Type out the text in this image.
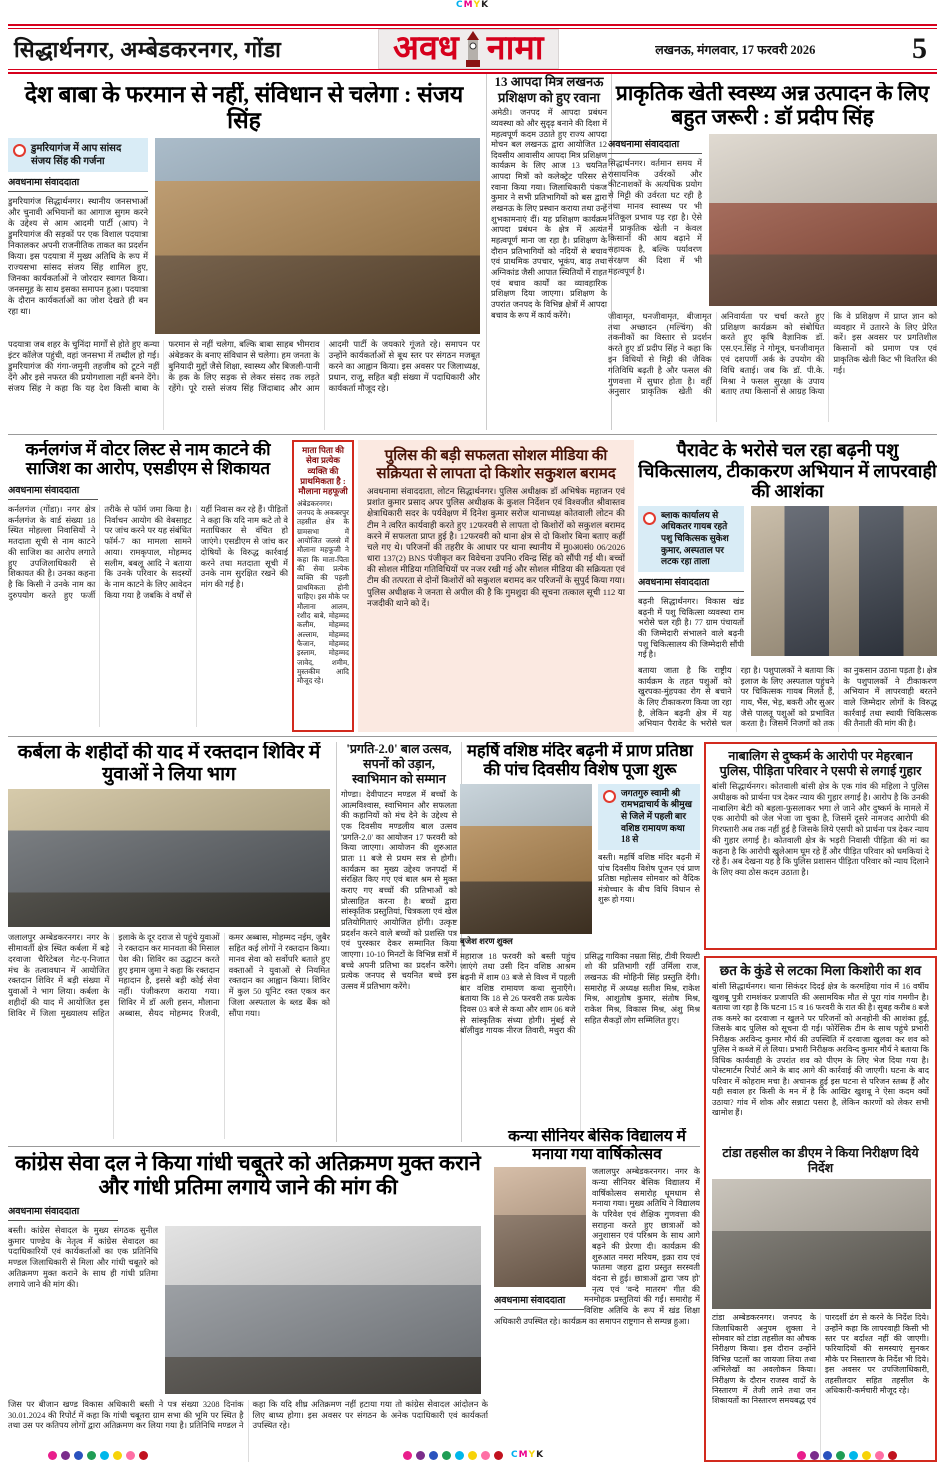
CMYK
सिद्धार्थनगर, अम्बेडकरनगर, गोंडा	अवध नामा	लखनऊ, मंगलवार, 17 फरवरी 2026	5
देश बाबा के फरमान से नहीं, संविधान से चलेगा : संजय सिंह
डुमरियागंज में आप सांसद संजय सिंह की गर्जना
अवधनामा संवाददाता

डुमरियागंज सिद्धार्थनगर। स्थानीय जनसभाओं और चुनावी अभियानों का आगाज सुगम करने के उद्देश्य से आम आदमी पार्टी (आप) ने डुमरियागंज की सड़कों पर एक विशाल पदयात्रा निकालकर अपनी राजनीतिक ताकत का प्रदर्शन किया। इस पदयात्रा में मुख्य अतिथि के रूप में राज्यसभा सांसद संजय सिंह शामिल हुए, जिनका कार्यकर्ताओं ने जोरदार स्वागत किया। जनसमूह के साथ इसका समापन हुआ। पदयात्रा के दौरान कार्यकर्ताओं का जोश देखते ही बन रहा था।

पदयात्रा जब शहर के चुनिंदा मार्गों से होते हुए कन्या इंटर कॉलेज पहुंची, वहां जनसभा में तब्दील हो गई। डुमरियागंज की गंगा-जमुनी तहजीब को टूटने नहीं देंगे और इसे नफरत की प्रयोगशाला नहीं बनने देंगे। संजय सिंह ने कहा कि यह देश किसी बाबा के फरमान से नहीं चलेगा, बल्कि बाबा साहब भीमराव अंबेडकर के बनाए संविधान से चलेगा। हम जनता के बुनियादी मुद्दों जैसे शिक्षा, स्वास्थ्य और बिजली-पानी के हक के लिए सड़क से लेकर संसद तक लड़ते रहेंगे। पूरे रास्ते संजय सिंह जिंदाबाद और आम आदमी पार्टी के जयकारे गूंजते रहे। समापन पर उन्होंने कार्यकर्ताओं से बूथ स्तर पर संगठन मजबूत करने का आह्वान किया। इस अवसर पर जिलाध्यक्ष, प्रधान, राजू, सहित बड़ी संख्या में पदाधिकारी और कार्यकर्ता मौजूद रहे।

13 आपदा मित्र लखनऊ प्रशिक्षण को हुए रवाना

अमेठी। जनपद में आपदा प्रबंधन व्यवस्था को और सुदृढ़ बनाने की दिशा में महत्वपूर्ण कदम उठाते हुए राज्य आपदा मोचन बल लखनऊ द्वारा आयोजित 12 दिवसीय आवासीय आपदा मित्र प्रशिक्षण कार्यक्रम के लिए आज 13 चयनित आपदा मित्रों को कलेक्ट्रेट परिसर से रवाना किया गया। जिलाधिकारी पंकज कुमार ने सभी प्रतिभागियों को बस द्वारा लखनऊ के लिए प्रस्थान कराया तथा उन्हें शुभकामनाएं दीं। यह प्रशिक्षण कार्यक्रम आपदा प्रबंधन के क्षेत्र में अत्यंत महत्वपूर्ण माना जा रहा है। प्रशिक्षण के दौरान प्रतिभागियों को नदियों से बचाव एवं प्राथमिक उपचार, भूकंप, बाढ़ तथा अग्निकांड जैसी आपात स्थितियों में राहत एवं बचाव कार्यों का व्यावहारिक प्रशिक्षण दिया जाएगा। प्रशिक्षण के उपरांत जनपद के विभिन्न क्षेत्रों में आपदा बचाव के रूप में कार्य करेंगे।

प्राकृतिक खेती स्वस्थ्य अन्न उत्पादन के लिए बहुत जरूरी : डॉ प्रदीप सिंह
अवधनामा संवाददाता

सिद्धार्थनगर। वर्तमान समय में रासायनिक उर्वरकों और कीटनाशकों के अत्यधिक प्रयोग से मिट्टी की उर्वरता घट रही है तथा मानव स्वास्थ्य पर भी प्रतिकूल प्रभाव पड़ रहा है। ऐसे में प्राकृतिक खेती न केवल किसानों की आय बढ़ाने में सहायक है, बल्कि पर्यावरण संरक्षण की दिशा में भी महत्वपूर्ण है।

जीवामृत, घनजीवामृत, बीजामृत तथा अच्छादन (मल्चिंग) की तकनीकों का विस्तार से प्रदर्शन करते हुए डॉ प्रदीप सिंह ने कहा कि इन विधियों से मिट्टी की जैविक गतिविधि बढ़ती है और फसल की गुणवत्ता में सुधार होता है। वहीं अनुसार प्राकृतिक खेती की अनिवार्यता पर चर्चा करते हुए प्रशिक्षण कार्यक्रम को संबोधित करते हुए कृषि वैज्ञानिक डॉ. एस.एन.सिंह ने गोमूत्र, घनजीवामृत एवं दशपर्णी अर्क के उपयोग की विधि बताई। जब कि डॉ. पी.के. मिश्रा ने फसल सुरक्षा के उपाय बताए तथा किसानों से आग्रह किया कि वे प्रशिक्षण में प्राप्त ज्ञान को व्यवहार में उतारने के लिए प्रेरित करें। इस अवसर पर प्रगतिशील किसानों को प्रमाण पत्र एवं प्राकृतिक खेती किट भी वितरित की गई।

कर्नलगंज में वोटर लिस्ट से नाम काटने की साजिश का आरोप, एसडीएम से शिकायत
अवधनामा संवाददाता

कर्नलगंज (गोंडा)। नगर क्षेत्र कर्नलगंज के वार्ड संख्या 18 स्थित मोहल्ला निवासियों ने मतदाता सूची से नाम काटने की साजिश का आरोप लगाते हुए उपजिलाधिकारी से शिकायत की है। उनका कहना है कि किसी ने उनके नाम का दुरुपयोग करते हुए फर्जी तरीके से फॉर्म जमा किया है। निर्वाचन आयोग की वेबसाइट पर जांच करने पर यह संबंधित फॉर्म-7 का मामला सामने आया। रामकृपाल, मोहम्मद सलीम, बबलू आदि ने बताया कि उनके परिवार के सदस्यों के नाम काटने के लिए आवेदन किया गया है जबकि वे वर्षों से यहीं निवास कर रहे हैं। पीड़ितों ने कहा कि यदि नाम कटे तो वे मताधिकार से वंचित हो जाएंगे। एसडीएम से जांच कर दोषियों के विरुद्ध कार्रवाई करने तथा मतदाता सूची में उनके नाम सुरक्षित रखने की मांग की गई है।

माता पिता की सेवा प्रत्येक व्यक्ति की प्राथमिकता है : मौलाना महफूजी

अंबेडकरनगर। जनपद के अकबरपुर तहसील क्षेत्र के ग्रामसभा में आयोजित जलसे में मौलाना महफूजी ने कहा कि माता-पिता की सेवा प्रत्येक व्यक्ति की पहली प्राथमिकता होनी चाहिए। इस मौके पर मौलाना आलम, रशीद बाबे, मोहम्मद कलीम, मोहम्मद अल्लाम, मोहम्मद फैजान, मोहम्मद इस्लाम, मोहम्मद जावेद, शमीम, मुस्तकीम आदि मौजूद रहे।

पुलिस की बड़ी सफलता सोशल मीडिया की सक्रियता से लापता दो किशोर सकुशल बरामद

अवधनामा संवाददाता, लोटन सिद्धार्थनगर। पुलिस अधीक्षक डॉ अभिषेक महाजन एवं प्रशांत कुमार प्रसाद अपर पुलिस अधीक्षक के कुशल निर्देशन एवं विश्वजीत श्रीवास्तव क्षेत्राधिकारी सदर के पर्यवेक्षण में दिनेश कुमार सरोज थानाध्यक्ष कोतवाली लोटन की टीम ने त्वरित कार्यवाही करते हुए 12फरवरी से लापता दो किशोरों को सकुशल बरामद करने में सफलता प्राप्त हुई है। 12फरवरी को थाना क्षेत्र से दो किशोर बिना बताए कहीं चले गए थे। परिजनों की तहरीर के आधार पर थाना स्थानीय में मु0अ0सं0 06/2026 धारा 137(2) BNS पंजीकृत कर विवेचना उपनि0 रविन्द्र सिंह को सौंपी गई थी। बच्चों की सोशल मीडिया गतिविधियों पर नजर रखी गई और सोशल मीडिया की सक्रियता एवं टीम की तत्परता से दोनों किशोरों को सकुशल बरामद कर परिजनों के सुपुर्द किया गया। पुलिस अधीक्षक ने जनता से अपील की है कि गुमशुदा की सूचना तत्काल सूची 112 या नजदीकी थाने को दें।

पैरावेट के भरोसे चल रहा बढ़नी पशु चिकित्सालय, टीकाकरण अभियान में लापरवाही की आशंका
ब्लाक कार्यालय से अधिकतर गायब रहते पशु चिकित्सक सुकेश कुमार, अस्पताल पर लटक रहा ताला
अवधनामा संवाददाता

बढ़नी सिद्धार्थनगर। विकास खंड बढ़नी में पशु चिकित्सा व्यवस्था राम भरोसे चल रही है। 77 ग्राम पंचायतों की जिम्मेदारी संभालने वाले बढ़नी पशु चिकित्सालय की जिम्मेदारी सौंपी गई है।

बताया जाता है कि राष्ट्रीय कार्यक्रम के तहत पशुओं को खुरपका-मुंहपका रोग से बचाने के लिए टीकाकरण किया जा रहा है, लेकिन बढ़नी क्षेत्र में यह अभियान पैरावेट के भरोसे चल रहा है। पशुपालकों ने बताया कि इलाज के लिए अस्पताल पहुंचने पर चिकित्सक गायब मिलते हैं, गाय, भैंस, भेड़, बकरी और सुअर जैसे पालतू पशुओं को प्रभावित करता है। जिसमें निजगों को तक का नुकसान उठाना पड़ता है। क्षेत्र के पशुपालकों ने टीकाकरण अभियान में लापरवाही बरतने वाले जिम्मेदार लोगों के विरुद्ध कार्रवाई तथा स्थायी चिकित्सक की तैनाती की मांग की है।

कर्बला के शहीदों की याद में रक्तदान शिविर में युवाओं ने लिया भाग

जलालपुर अम्बेडकरनगर। नगर के सीमावर्ती क्षेत्र स्थित कर्बला में बड़े दरवाजा चैरिटेबल गेट-ए-निजात मंच के तत्वावधान में आयोजित रक्तदान शिविर में बड़ी संख्या में युवाओं ने भाग लिया। कर्बला के शहीदों की याद में आयोजित इस शिविर में जिला मुख्यालय सहित इलाके के दूर दराज से पहुंचे युवाओं ने रक्तदान कर मानवता की मिसाल पेश की। शिविर का उद्घाटन करते हुए इमाम जुमा ने कहा कि रक्तदान महादान है, इससे बड़ी कोई सेवा नहीं। पंजीकरण कराया गया। शिविर में डॉ अली हसन, मौलाना अब्बास, सैयद मोहम्मद रिजवी, कमर अब्बास, मोहम्मद नईम, जुबैर सहित कई लोगों ने रक्तदान किया। मानव सेवा को सर्वोपरि बताते हुए वक्ताओं ने युवाओं से नियमित रक्तदान का आह्वान किया। शिविर में कुल 50 यूनिट रक्त एकत्र कर जिला अस्पताल के ब्लड बैंक को सौंपा गया।

'प्रगति-2.0' बाल उत्सव, सपनों को उड़ान, स्वाभिमान को सम्मान

गोण्डा। देवीपाटन मण्डल में बच्चों के आत्मविश्वास, स्वाभिमान और सफलता की कहानियों को मंच देने के उद्देश्य से एक दिवसीय मण्डलीय बाल उत्सव 'प्रगति-2.0' का आयोजन 17 फरवरी को किया जाएगा। आयोजन की शुरुआत प्रातः 11 बजे से प्रथम सत्र से होगी। कार्यक्रम का मुख्य उद्देश्य जनपदों में संरक्षित किए गए एवं बाल श्रम से मुक्त कराए गए बच्चों की प्रतिभाओं को प्रोत्साहित करना है। बच्चों द्वारा सांस्कृतिक प्रस्तुतियां, चित्रकला एवं खेल प्रतियोगिताएं आयोजित होंगी। उत्कृष्ट प्रदर्शन करने वाले बच्चों को प्रशस्ति पत्र एवं पुरस्कार देकर सम्मानित किया जाएगा। 10-10 मिनटों के विभिन्न सत्रों में बच्चे अपनी प्रतिभा का प्रदर्शन करेंगे। प्रत्येक जनपद से चयनित बच्चे इस उत्सव में प्रतिभाग करेंगे।

महर्षि वशिष्ठ मंदिर बढ़नी में प्राण प्रतिष्ठा की पांच दिवसीय विशेष पूजा शुरू
बृजेश शरण शुक्ल
जगतगुरु स्वामी श्री रामभद्राचार्य के श्रीमुख से जिले में पहली बार वशिष्ठ रामायण कथा 18 से

बस्ती। महर्षि वशिष्ठ मंदिर बढ़नी में पांच दिवसीय विशेष पूजन एवं प्राण प्रतिष्ठा महोत्सव सोमवार को वैदिक मंत्रोच्चार के बीच विधि विधान से शुरू हो गया।

महाराज 18 फरवरी को बस्ती पहुंच जाएंगे तथा उसी दिन वशिष्ठ आश्रम बढ़नी में शाम 03 बजे से विश्व में पहली बार वशिष्ठ रामायण कथा सुनाएँगे। बताया कि 18 से 26 फरवरी तक प्रत्येक दिवस 03 बजे से कथा और शाम 06 बजे से सांस्कृतिक संध्या होगी। मुंबई से बॉलीवुड गायक नीरज तिवारी, मथुरा की प्रसिद्ध गायिका नम्रता सिंह, टीवी रियल्टी शो की प्रतिभागी रहीं उर्मिला राज, लखनऊ की मोहिनी सिंह प्रस्तुति देंगी। समारोह में अध्यक्ष सतीश मिश्र, राकेश मिश्र, आशुतोष कुमार, संतोष मिश्र, राकेश मिश्र, विकास मिश्र, अंशु मिश्र सहित सैकड़ों लोग सम्मिलित हुए।

नाबालिग से दुष्कर्म के आरोपी पर मेहरबान पुलिस, पीड़िता परिवार ने एसपी से लगाई गुहार

बांसी सिद्धार्थनगर। कोतवाली बांसी क्षेत्र के एक गांव की महिला ने पुलिस अधीक्षक को प्रार्थना पत्र देकर न्याय की गुहार लगाई है। आरोप है कि उनकी नाबालिग बेटी को बहला-फुसलाकर भगा ले जाने और दुष्कर्म के मामले में एक आरोपी को जेल भेजा जा चुका है, जिसमें दूसरे नामजद आरोपी की गिरफ्तारी अब तक नहीं हुई है जिसके लिये एसपी को प्रार्थना पत्र देकर न्याय की गुहार लगाई है। कोतवाली क्षेत्र के भड़री निवासी पीड़िता की मां का कहना है कि आरोपी खुलेआम घूम रहे हैं और पीड़ित परिवार को धमकियां दे रहे हैं। अब देखना यह है कि पुलिस प्रशासन पीड़िता परिवार को न्याय दिलाने के लिए क्या ठोस कदम उठाता है।

छत के कुंडे से लटका मिला किशोरी का शव

बांसी सिद्धार्थनगर। थाना सिकंदर दिदई क्षेत्र के करमहिया गांव में 16 वर्षीय खुशबू पुत्री रामशंकर प्रजापति की असामयिक मौत से पूरा गांव गमगीन है। बताया जा रहा है कि घटना 15 व 16 फरवरी के रात की है। सुबह करीब 8 बजे तक कमरे का दरवाजा न खुलने पर परिजनों को अनहोनी की आशंका हुई, जिसके बाद पुलिस को सूचना दी गई। फोरेंसिक टीम के साथ पहुंचे प्रभारी निरीक्षक अरविन्द कुमार मौर्य की उपस्थिति में दरवाजा खुलवा कर शव को पुलिस ने कब्जे में ले लिया। प्रभारी निरीक्षक अरविन्द कुमार मौर्य ने बताया कि विधिक कार्यवाही के उपरांत शव को पीएम के लिए भेज दिया गया है। पोस्टमार्टम रिपोर्ट आने के बाद आगे की कार्रवाई की जाएगी। घटना के बाद परिवार में कोहराम मचा है। अचानक हुई इस घटना से परिजन स्तब्ध हैं और यही सवाल हर किसी के मन में है कि आखिर खुशबू ने ऐसा कदम क्यों उठाया? गांव में शोक और सन्नाटा पसरा है, लेकिन कारणों को लेकर सभी खामोश हैं।

टांडा तहसील का डीएम ने किया निरीक्षण दिये निर्देश

टांडा अम्बेडकरनगर। जनपद के जिलाधिकारी अनुपम शुक्ला ने सोमवार को टांडा तहसील का औचक निरीक्षण किया। इस दौरान उन्होंने विभिन्न पटलों का जायजा लिया तथा अभिलेखों का अवलोकन किया। निरीक्षण के दौरान राजस्व वादों के निस्तारण में तेजी लाने तथा जन शिकायतों का निस्तारण समयबद्ध एवं पारदर्शी ढंग से करने के निर्देश दिये। उन्होंने कहा कि लापरवाही किसी भी स्तर पर बर्दाश्त नहीं की जाएगी। फरियादियों की समस्याएं सुनकर मौके पर निस्तारण के निर्देश भी दिये। इस अवसर पर उपजिलाधिकारी, तहसीलदार सहित तहसील के अधिकारी-कर्मचारी मौजूद रहे।

कांग्रेस सेवा दल ने किया गांधी चबूतरे को अतिक्रमण मुक्त कराने और गांधी प्रतिमा लगाये जाने की मांग की
अवधनामा संवाददाता

बस्ती। कांग्रेस सेवादल के मुख्य संगठक सुनील कुमार पाण्डेय के नेतृत्व में कांग्रेस सेवादल का पदाधिकारियों एवं कार्यकर्ताओं का एक प्रतिनिधि मण्डल जिलाधिकारी से मिला और गांधी चबूतरे को अतिक्रमण मुक्त कराने के साथ ही गांधी प्रतिमा लगाये जाने की मांग की।

जिस पर बीजान खण्ड विकास अधिकारी बस्ती ने पत्र संख्या 3208 दिनांक 30.01.2024 की रिपोर्ट में कहा कि गांधी चबूतरा ग्राम सभा की भूमि पर स्थित है तथा उस पर कतिपय लोगों द्वारा अतिक्रमण कर लिया गया है। प्रतिनिधि मण्डल ने कहा कि यदि शीघ्र अतिक्रमण नहीं हटाया गया तो कांग्रेस सेवादल आंदोलन के लिए बाध्य होगा। इस अवसर पर संगठन के अनेक पदाधिकारी एवं कार्यकर्ता उपस्थित रहे।

कन्या सीनियर बेसिक विद्यालय में मनाया गया वार्षिकोत्सव
अवधनामा संवाददाता

जलालपुर अम्बेडकरनगर। नगर के कन्या सीनियर बेसिक विद्यालय में वार्षिकोत्सव समारोह धूमधाम से मनाया गया। मुख्य अतिथि ने विद्यालय के परिवेश एवं शैक्षिक गुणवत्ता की सराहना करते हुए छात्राओं को अनुशासन एवं परिश्रम के साथ आगे बढ़ने की प्रेरणा दी। कार्यक्रम की शुरुआत नमरा मरियम, इक्रा राय एवं फातमा जहरा द्वारा प्रस्तुत सरस्वती वंदना से हुई। छात्राओं द्वारा 'जय हो' नृत्य एवं 'वन्दे मातरम' गीत की मनमोहक प्रस्तुतियां की गईं। समारोह में विशिष्ट अतिथि के रूप में खंड शिक्षा अधिकारी उपस्थित रहे। कार्यक्रम का समापन राष्ट्रगान से सम्पन्न हुआ।

CMYK
